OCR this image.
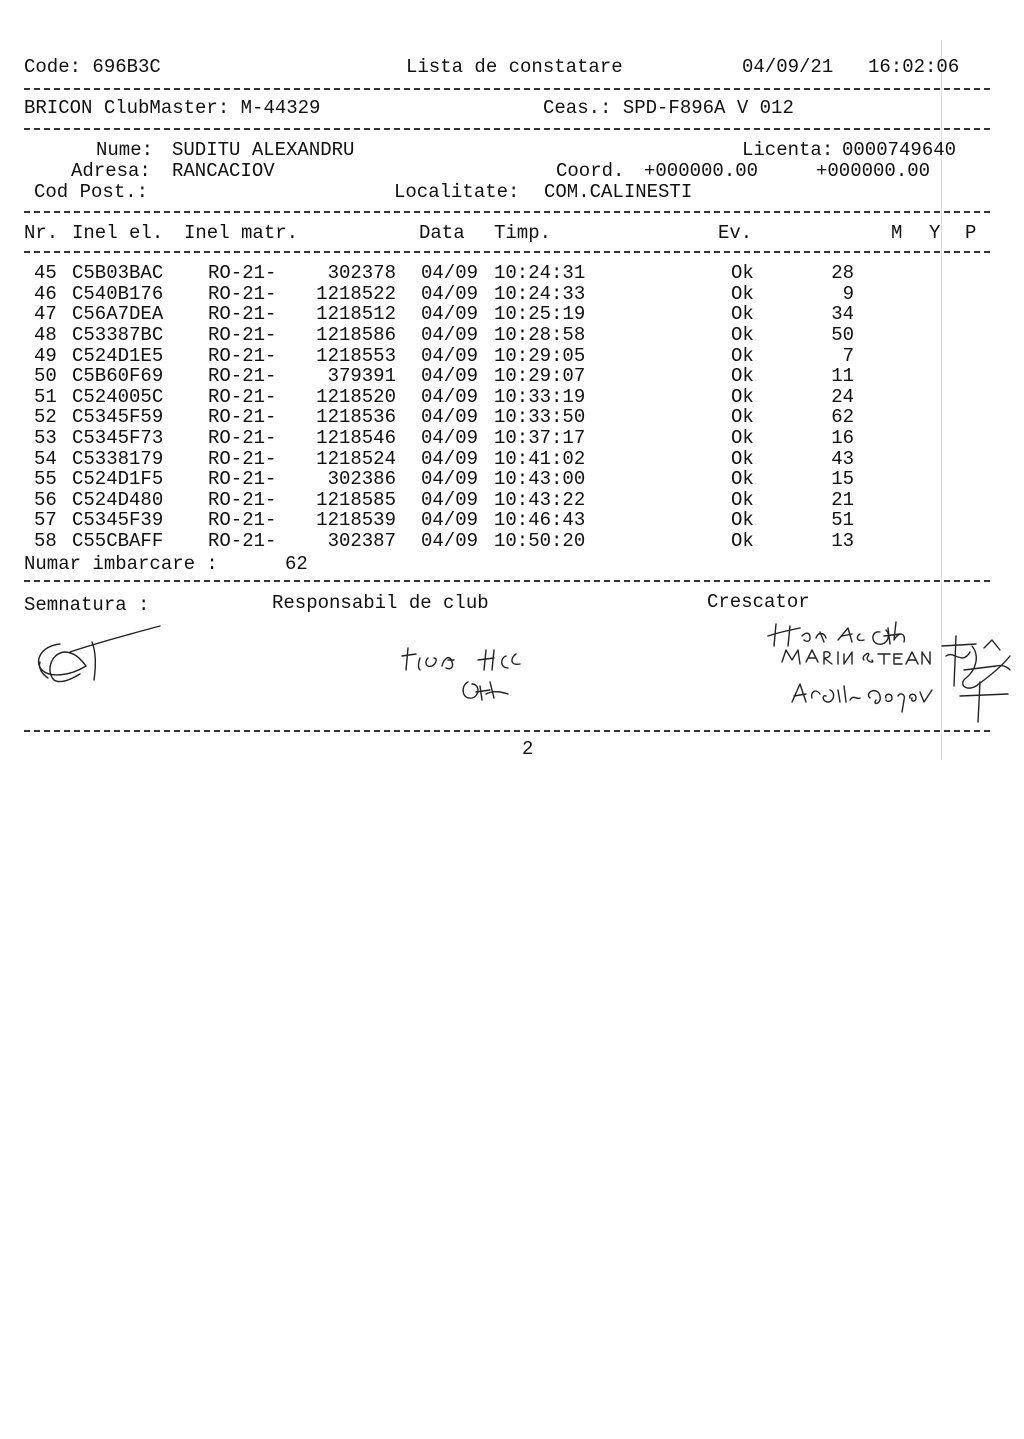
Code: 696B3C	Lista de constatare	04/09/21 16:02:06
BRICON ClubMaster: M-44329	Ceas.: SPD-F896A V 012
Nume: SUDITU ALEXANDRU	Licenta: 0000749640
Adresa: RANCACIOV	Coord. +000000.00	+000000.00
Cod Post.:	Localitate: COM.CALINESTI
Nr. Inel el. Inel matr.	Data Timp.	Ev.	M Y P
45 C5B03BAC RO-21-	302378 04/09 10:24:31	Ok	28
46 C540B176 RO-21-	1218522 04/09 10:24:33	Ok	9
47 C56A7DEA RO-21-	1218512 04/09 10:25:19	Ok	34
48 C53387BC RO-21-	1218586 04/09 10:28:58	Ok	50
49 C524D1E5 RO-21-	1218553 04/09 10:29:05	Ok	7
50 C5B60F69 RO-21-	379391 04/09 10:29:07	Ok	11
51 C524005C RO-21-	1218520 04/09 10:33:19	Ok	24
52 C5345F59 RO-21-	1218536 04/09 10:33:50	Ok	62
53 C5345F73 RO-21-	1218546 04/09 10:37:17	Ok	16
54 C5338179 RO-21-	1218524 04/09 10:41:02	Ok	43
55 C524D1F5 RO-21-	302386 04/09 10:43:00	Ok	15
56 C524D480 RO-21-	1218585 04/09 10:43:22	Ok	21
57 C5345F39 RO-21-	1218539 04/09 10:46:43	Ok	51
58 C55CBAFF RO-21-	302387 04/09 10:50:20	Ok	13
Numar imbarcare :	62
Semnatura :	Responsabil de club	Crescator
2
